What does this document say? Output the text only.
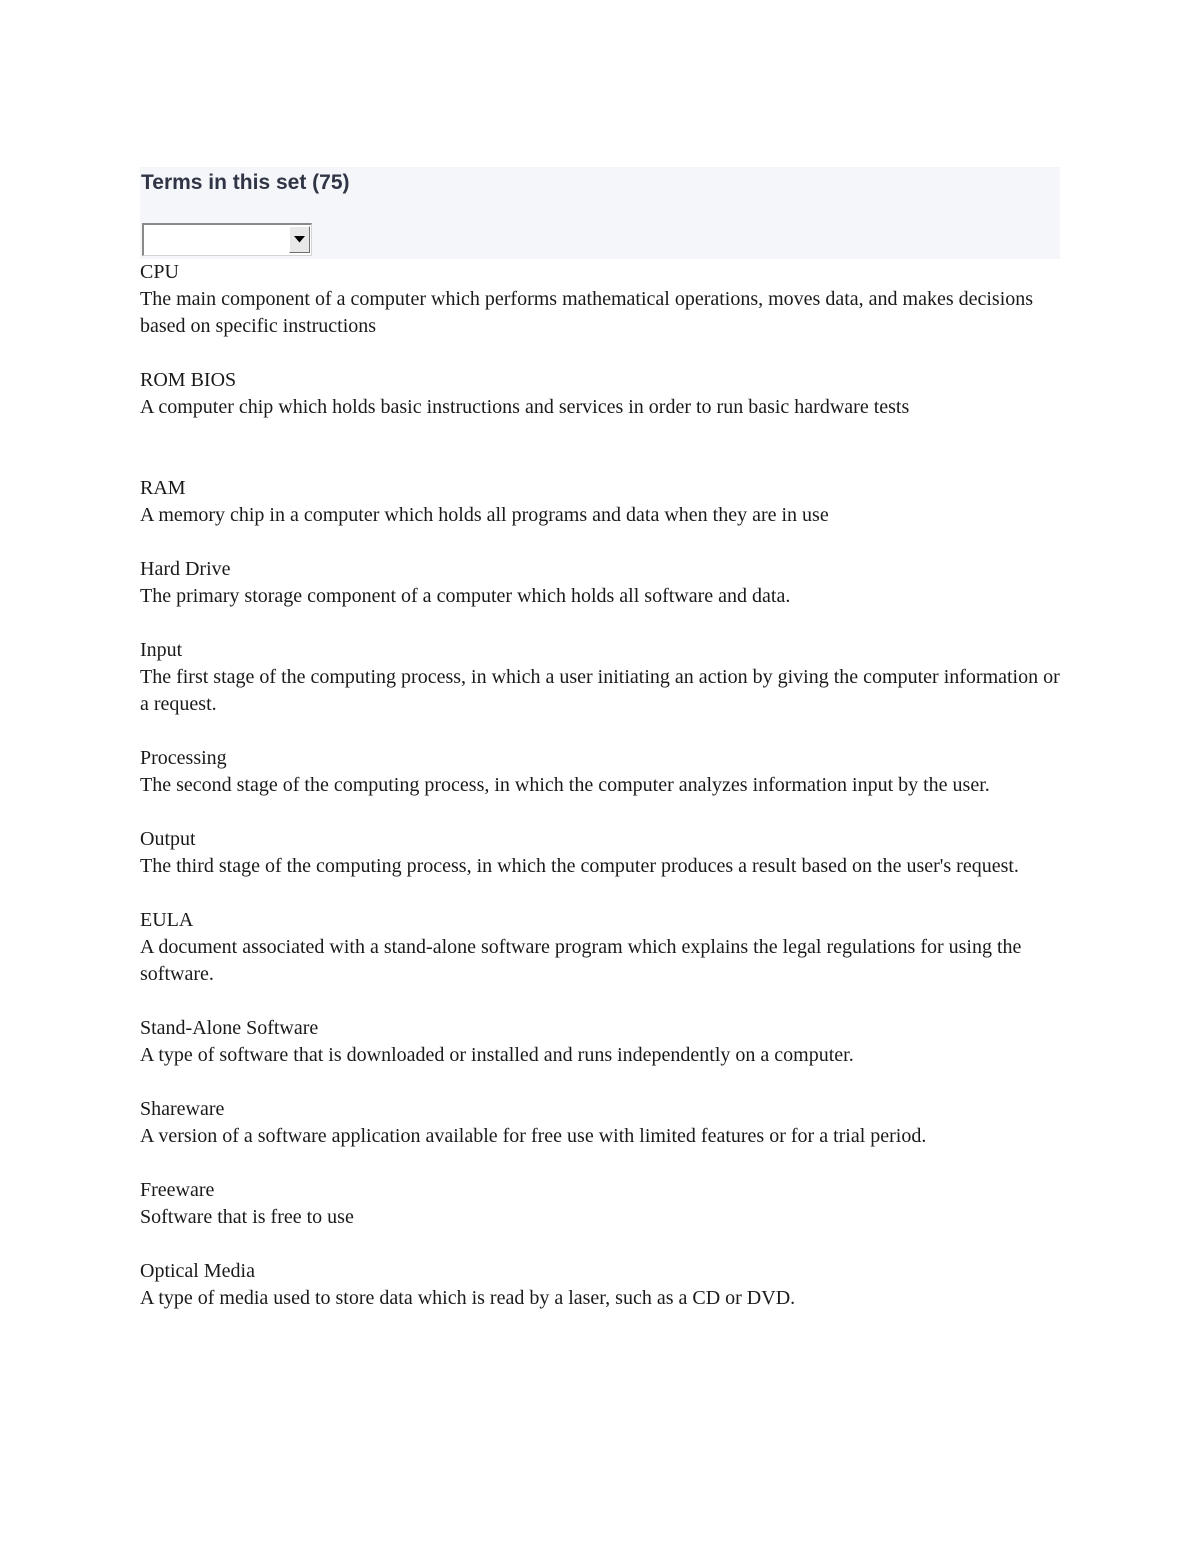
Terms in this set (75)
CPU
The main component of a computer which performs mathematical operations, moves data, and makes decisions based on specific instructions
ROM BIOS
A computer chip which holds basic instructions and services in order to run basic hardware tests
RAM
A memory chip in a computer which holds all programs and data when they are in use
Hard Drive
The primary storage component of a computer which holds all software and data.
Input
The first stage of the computing process, in which a user initiating an action by giving the computer information or a request.
Processing
The second stage of the computing process, in which the computer analyzes information input by the user.
Output
The third stage of the computing process, in which the computer produces a result based on the user's request.
EULA
A document associated with a stand-alone software program which explains the legal regulations for using the software.
Stand-Alone Software
A type of software that is downloaded or installed and runs independently on a computer.
Shareware
A version of a software application available for free use with limited features or for a trial period.
Freeware
Software that is free to use
Optical Media
A type of media used to store data which is read by a laser, such as a CD or DVD.
